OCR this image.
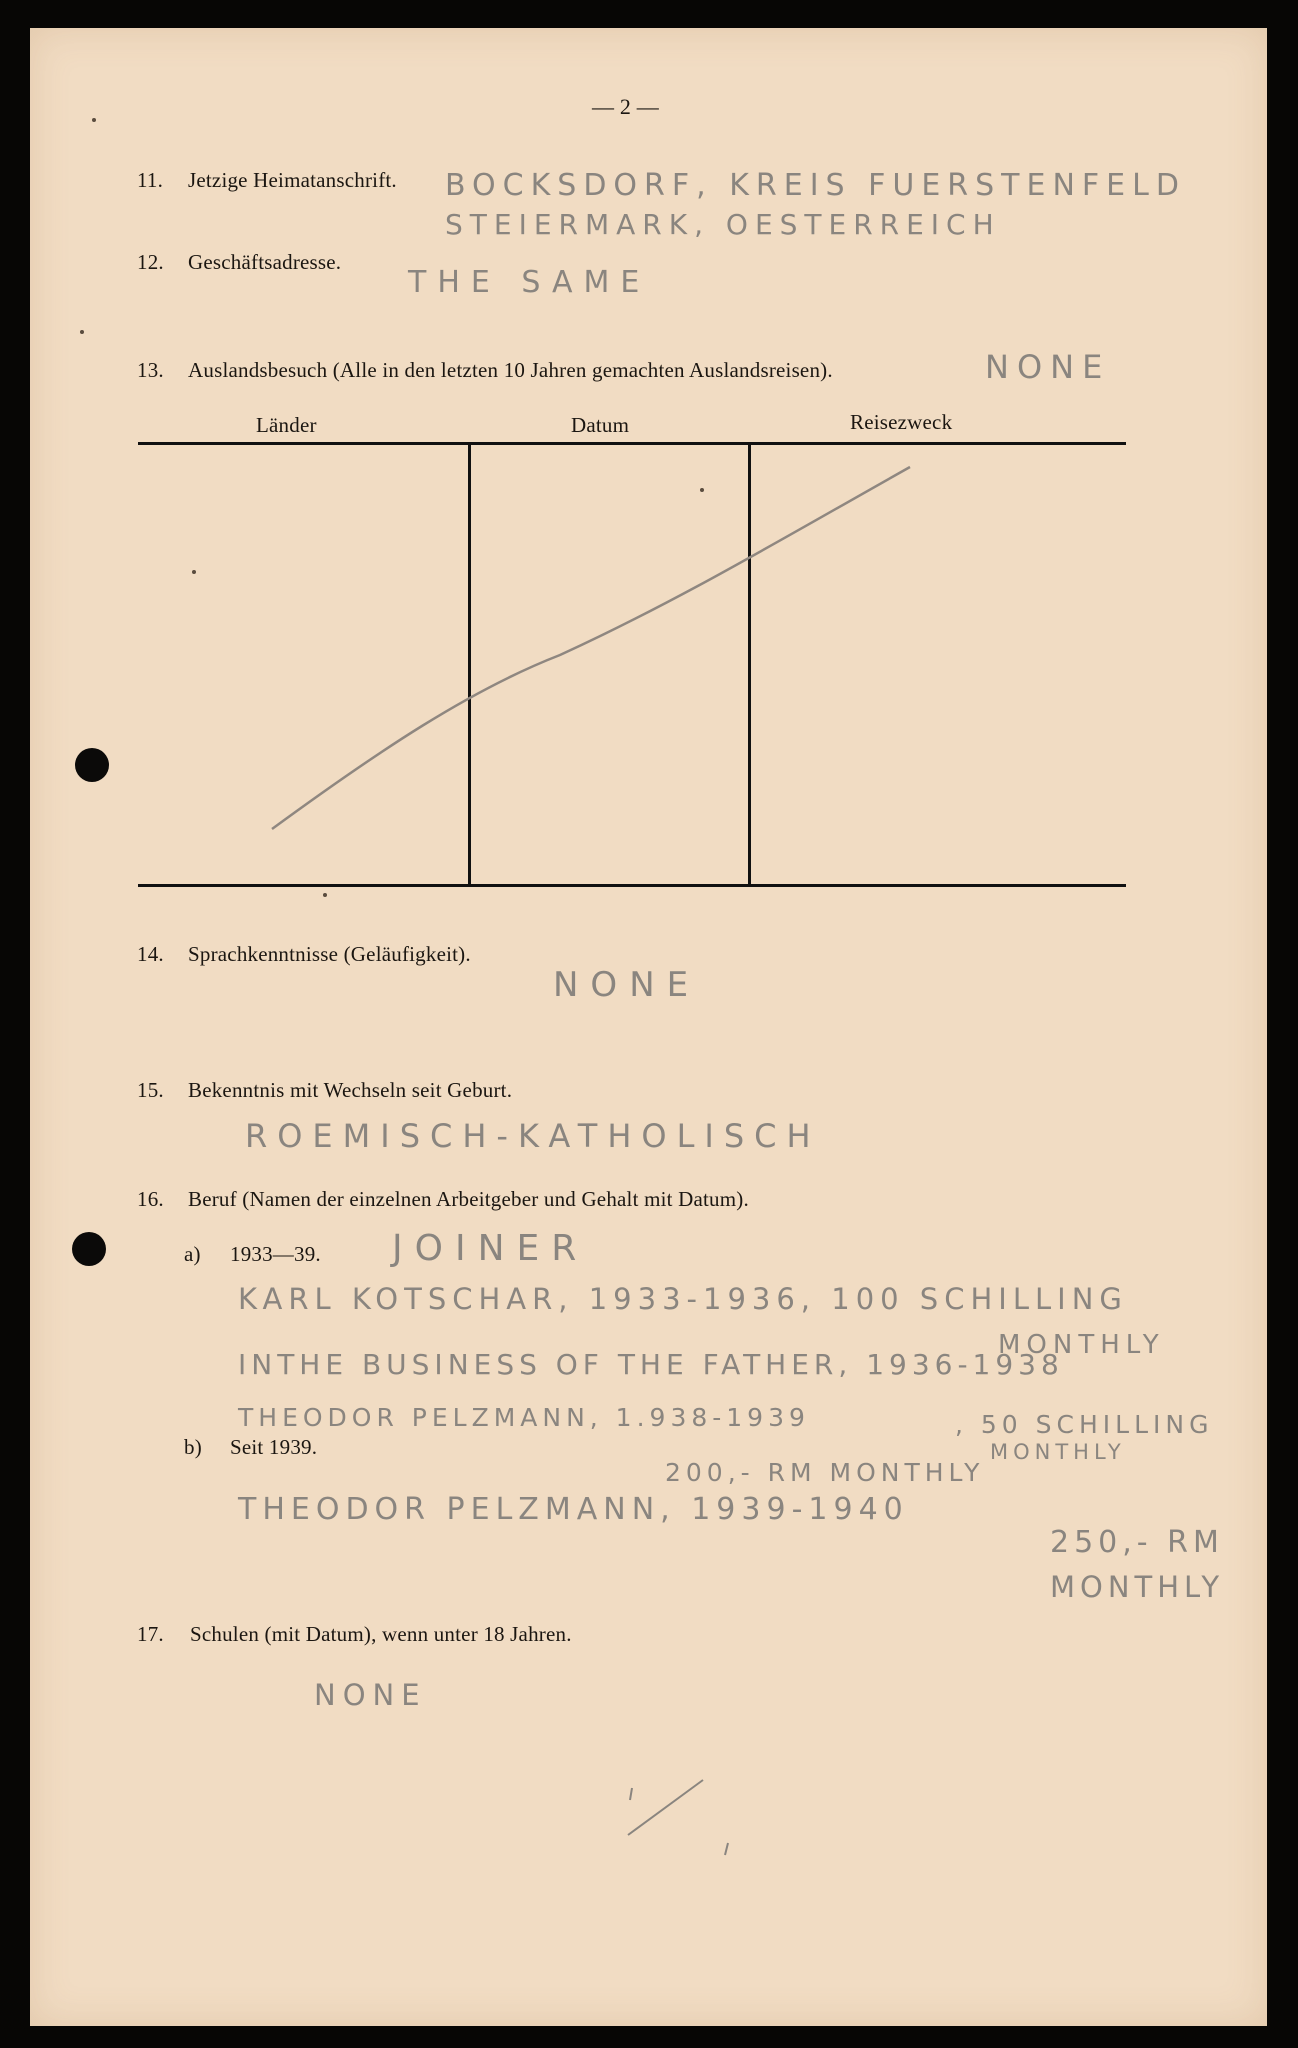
— 2 —
11. Jetzige Heimatanschrift. BOCKSDORF, KREIS FUERSTENFELD
STEIERMARK, OESTERREICH
12. Geschäftsadresse.
THE SAME
13. Auslandsbesuch (Alle in den letzten 10 Jahren gemachten Auslandsreisen).	NONE
Länder	Datum	Reisezweck
14. Sprachkenntnisse (Geläufigkeit).
NONE
15. Bekenntnis mit Wechseln seit Geburt.
ROEMISCH-KATHOLISCH
16. Beruf (Namen der einzelnen Arbeitgeber und Gehalt mit Datum).
a) 1933—39. JOINER
KARL KOTSCHAR, 1933-1936, 100 SCHILLING
MONTHLY
INTHE BUSINESS OF THE FATHER, 1936-1938
b) Seit 1939.
THEODOR PELZMANN, 1.938-1939	, 50 SCHILLING
MONTHLY
200,- RM MONTHLY
THEODOR PELZMANN, 1939-1940
250,- RM
MONTHLY
17. Schulen (mit Datum), wenn unter 18 Jahren.
NONE
